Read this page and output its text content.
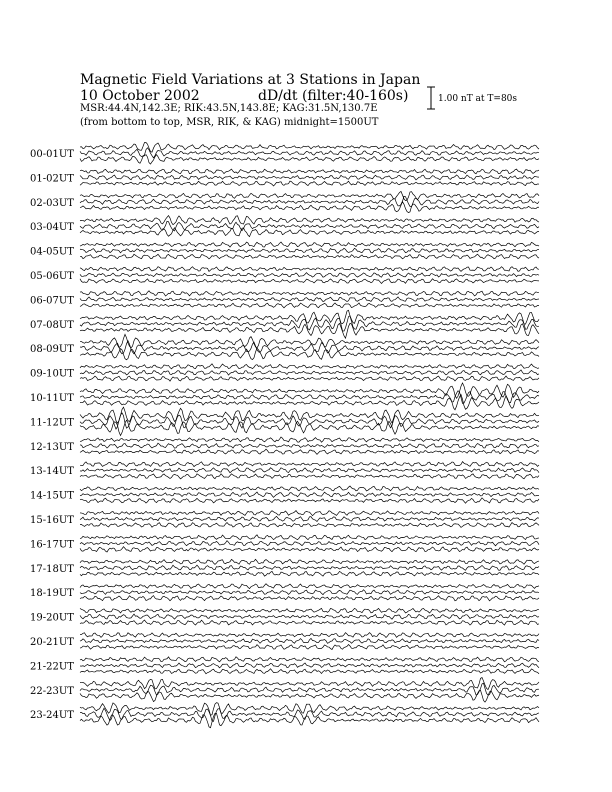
Magnetic Field Variations at 3 Stations in Japan
10 October 2002	dD/dt (filter:40-160s)
MSR:44.4N,142.3E; RIK:43.5N,143.8E; KAG:31.5N,130.7E
(from bottom to top, MSR, RIK, & KAG) midnight=1500UT
1.00 nT at T=80s
00-01UT
01-02UT
02-03UT
03-04UT
04-05UT
05-06UT
06-07UT
07-08UT
08-09UT
09-10UT
10-11UT
11-12UT
12-13UT
13-14UT
14-15UT
15-16UT
16-17UT
17-18UT
18-19UT
19-20UT
20-21UT
21-22UT
22-23UT
23-24UT
